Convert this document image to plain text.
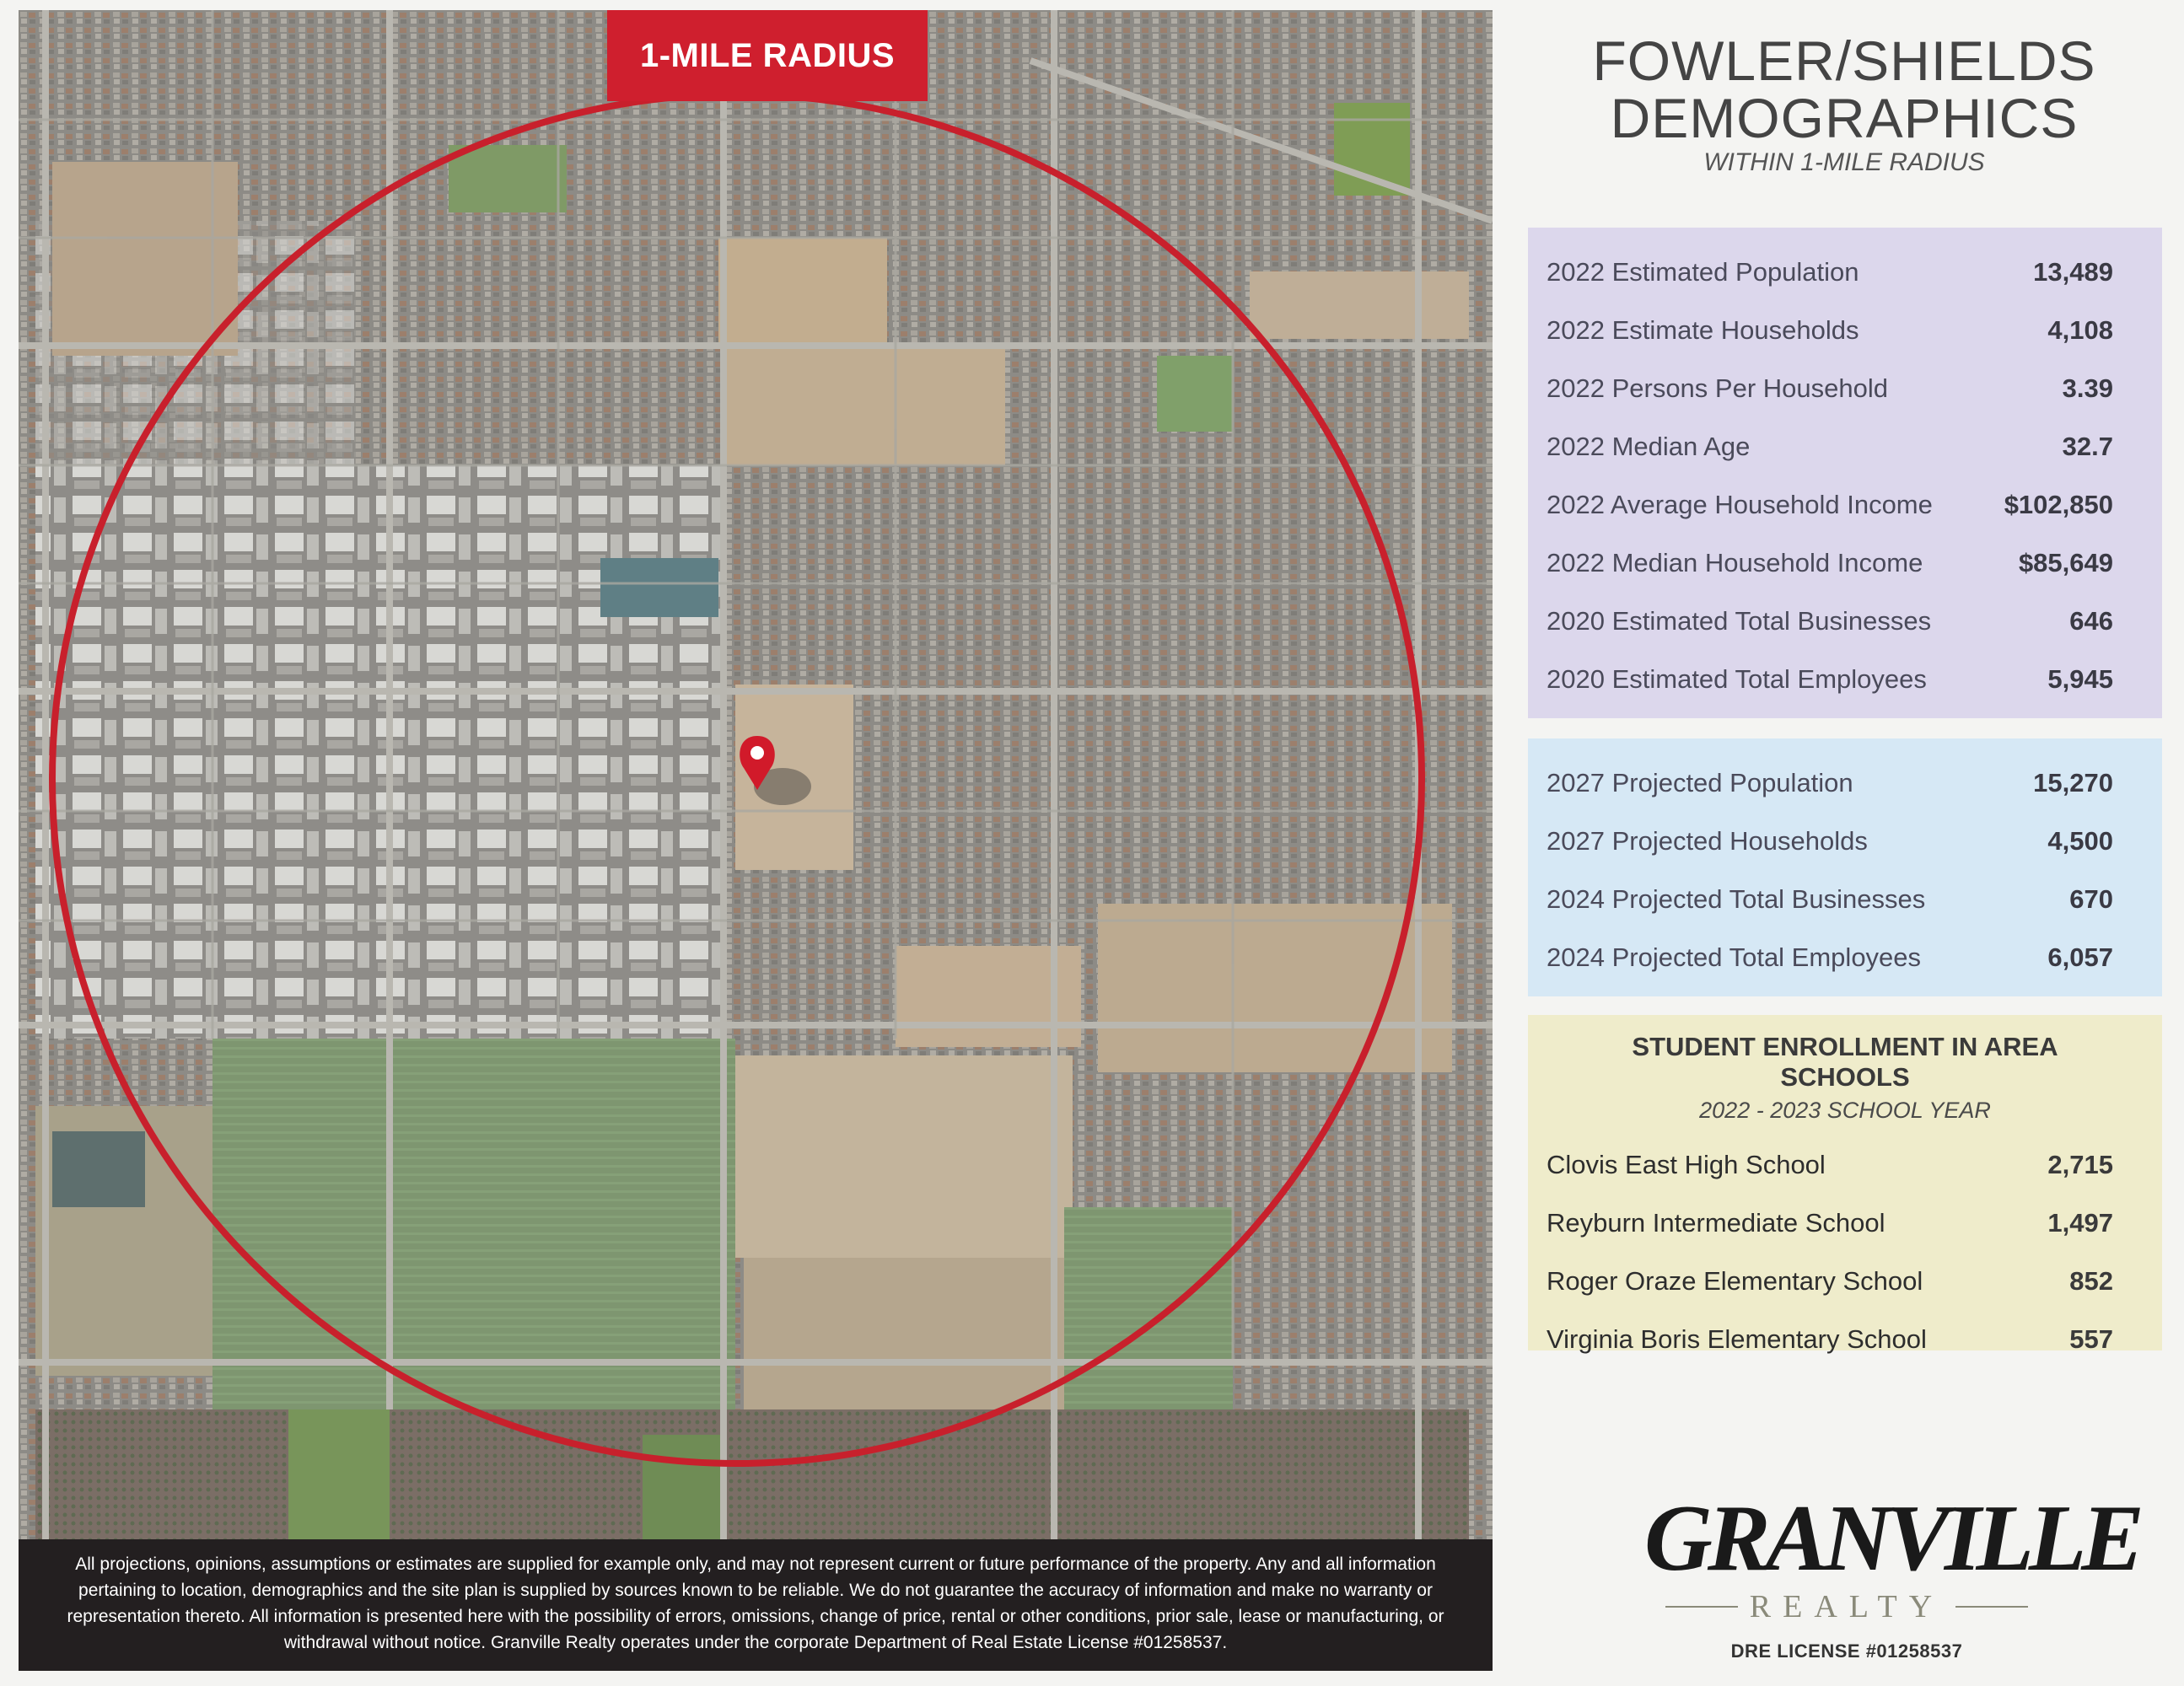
1-MILE RADIUS
All projections, opinions, assumptions or estimates are supplied for example only, and may not represent current or future performance of the property. Any and all information pertaining to location, demographics and the site plan is supplied by sources known to be reliable. We do not guarantee the accuracy of information and make no warranty or representation thereto. All information is presented here with the possibility of errors, omissions, change of price, rental or other conditions, prior sale, lease or manufacturing, or withdrawal without notice. Granville Realty operates under the corporate Department of Real Estate License #01258537.
FOWLER/SHIELDS
DEMOGRAPHICS
WITHIN 1-MILE RADIUS
2022 Estimated Population	13,489
2022 Estimate Households	4,108
2022 Persons Per Household	3.39
2022 Median Age	32.7
2022 Average Household Income	$102,850
2022 Median Household Income	$85,649
2020 Estimated Total Businesses	646
2020 Estimated Total Employees	5,945
2027 Projected Population	15,270
2027 Projected Households	4,500
2024 Projected Total Businesses	670
2024 Projected Total Employees	6,057
STUDENT ENROLLMENT IN AREA SCHOOLS
2022 - 2023 SCHOOL YEAR
Clovis East High School	2,715
Reyburn Intermediate School	1,497
Roger Oraze Elementary School	852
Virginia Boris Elementary School	557
GRANVILLE
REALTY
DRE LICENSE #01258537
